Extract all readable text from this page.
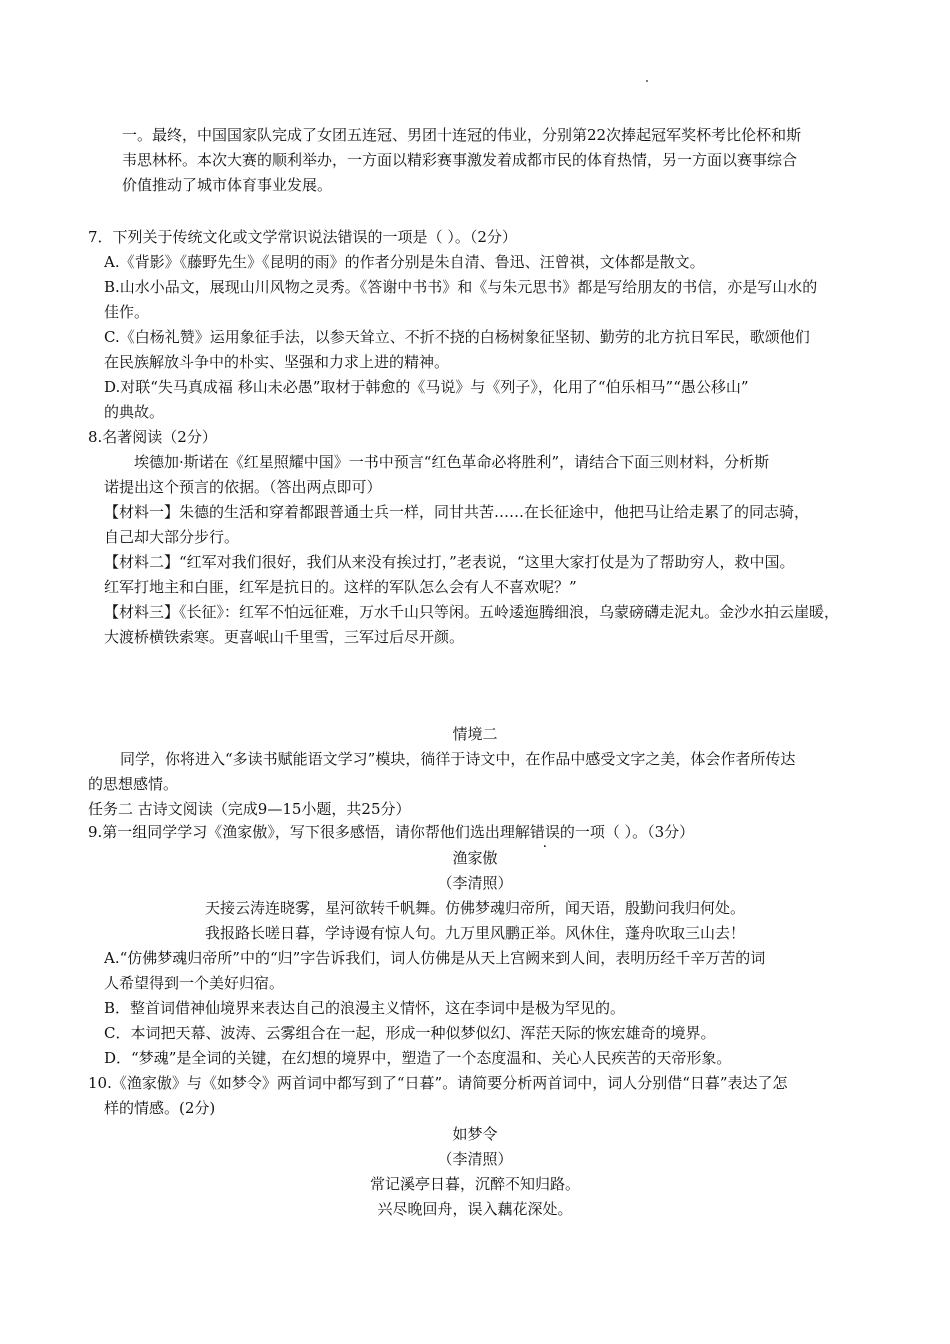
一。最终，中国国家队完成了女团五连冠、男团十连冠的伟业，分别第22次捧起冠军奖杯考比伦杯和斯
韦思林杯。本次大赛的顺利举办，一方面以精彩赛事激发着成都市民的体育热情，另一方面以赛事综合
价值推动了城市体育事业发展。
7．下列关于传统文化或文学常识说法错误的一项是（ ）。（2分）
A.《背影》《藤野先生》《昆明的雨》的作者分别是朱自清、鲁迅、汪曾祺，文体都是散文。
B.山水小品文，展现山川风物之灵秀。《答谢中书书》和《与朱元思书》都是写给朋友的书信，亦是写山水的
佳作。
C.《白杨礼赞》运用象征手法，以参天耸立、不折不挠的白杨树象征坚韧、勤劳的北方抗日军民，歌颂他们
在民族解放斗争中的朴实、坚强和力求上进的精神。
D.对联“失马真成福 移山未必愚”取材于韩愈的《马说》与《列子》，化用了“伯乐相马”“愚公移山”
的典故。
8.名著阅读（2分）
埃德加·斯诺在《红星照耀中国》一书中预言“红色革命必将胜利”，请结合下面三则材料，分析斯
诺提出这个预言的依据。（答出两点即可）
【材料一】朱德的生活和穿着都跟普通士兵一样，同甘共苦……在长征途中，他把马让给走累了的同志骑，
自己却大部分步行。
【材料二】“红军对我们很好，我们从来没有挨过打，”老表说，“这里大家打仗是为了帮助穷人，救中国。
红军打地主和白匪，红军是抗日的。这样的军队怎么会有人不喜欢呢？”
【材料三】《长征》：红军不怕远征难，万水千山只等闲。五岭逶迤腾细浪，乌蒙磅礴走泥丸。金沙水拍云崖暖，
大渡桥横铁索寒。更喜岷山千里雪，三军过后尽开颜。
情境二
同学，你将进入“多读书赋能语文学习”模块，徜徉于诗文中，在作品中感受文字之美，体会作者所传达
的思想感情。
任务二 古诗文阅读（完成9—15小题，共25分）
9.第一组同学学习《渔家傲》，写下很多感悟，请你帮他们选出理解错误的一项（ ）。（3分）
渔家傲
（李清照）
天接云涛连晓雾，星河欲转千帆舞。仿佛梦魂归帝所，闻天语，殷勤问我归何处。
我报路长嗟日暮，学诗谩有惊人句。九万里风鹏正举。风休住，蓬舟吹取三山去！
A.“仿佛梦魂归帝所”中的“归”字告诉我们，词人仿佛是从天上宫阙来到人间，表明历经千辛万苦的词
人希望得到一个美好归宿。
B．整首词借神仙境界来表达自己的浪漫主义情怀，这在李词中是极为罕见的。
C．本词把天幕、波涛、云雾组合在一起，形成一种似梦似幻、浑茫天际的恢宏雄奇的境界。
D．“梦魂”是全词的关键，在幻想的境界中，塑造了一个态度温和、关心人民疾苦的天帝形象。
10.《渔家傲》与《如梦令》两首词中都写到了“日暮”。请简要分析两首词中，词人分别借“日暮”表达了怎
样的情感。(2分)
如梦令
（李清照）
常记溪亭日暮，沉醉不知归路。
兴尽晚回舟，误入藕花深处。
